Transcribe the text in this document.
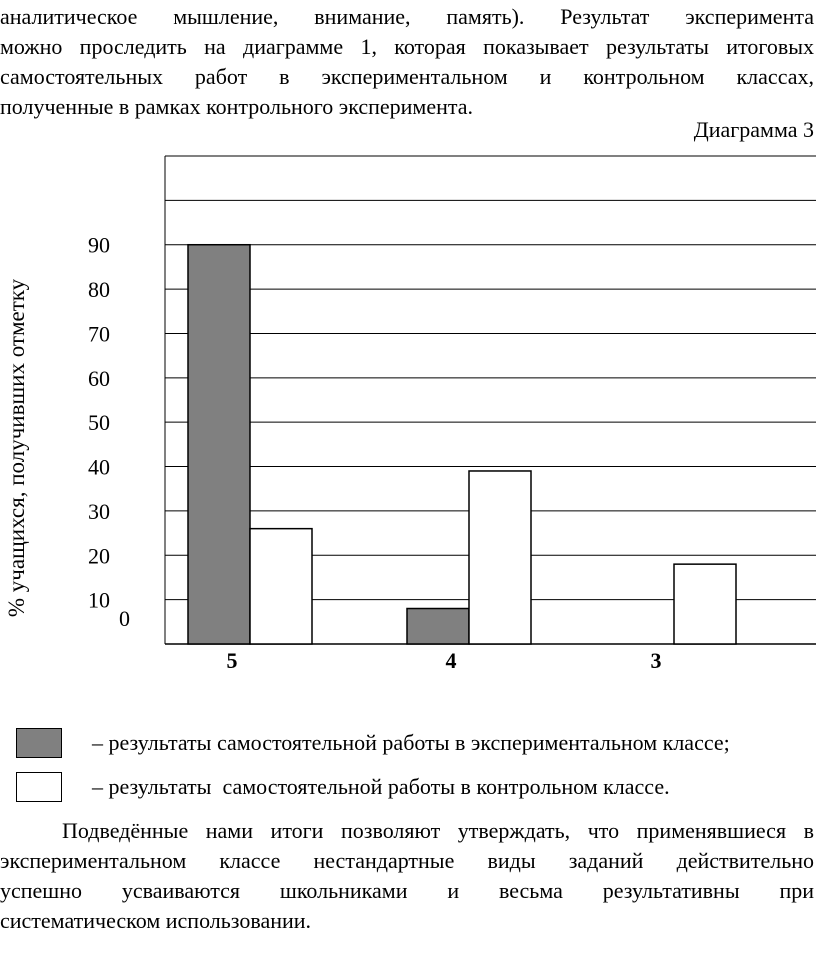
аналитическое мышление, внимание, память). Результат эксперимента
можно проследить на диаграмме 1, которая показывает результаты итоговых
самостоятельных работ в экспериментальном и контрольном классах,
полученные в рамках контрольного эксперимента.
Диаграмма 3
0
10
20
30
40
50
60
70
80
90
5	4	3
% учащихся, получивших отметку
– результаты самостоятельной работы в экспериментальном классе;
– результаты  самостоятельной работы в контрольном классе.
Подведённые нами итоги позволяют утверждать, что применявшиеся в
экспериментальном классе нестандартные виды заданий действительно
успешно усваиваются школьниками и весьма результативны при
систематическом использовании.
